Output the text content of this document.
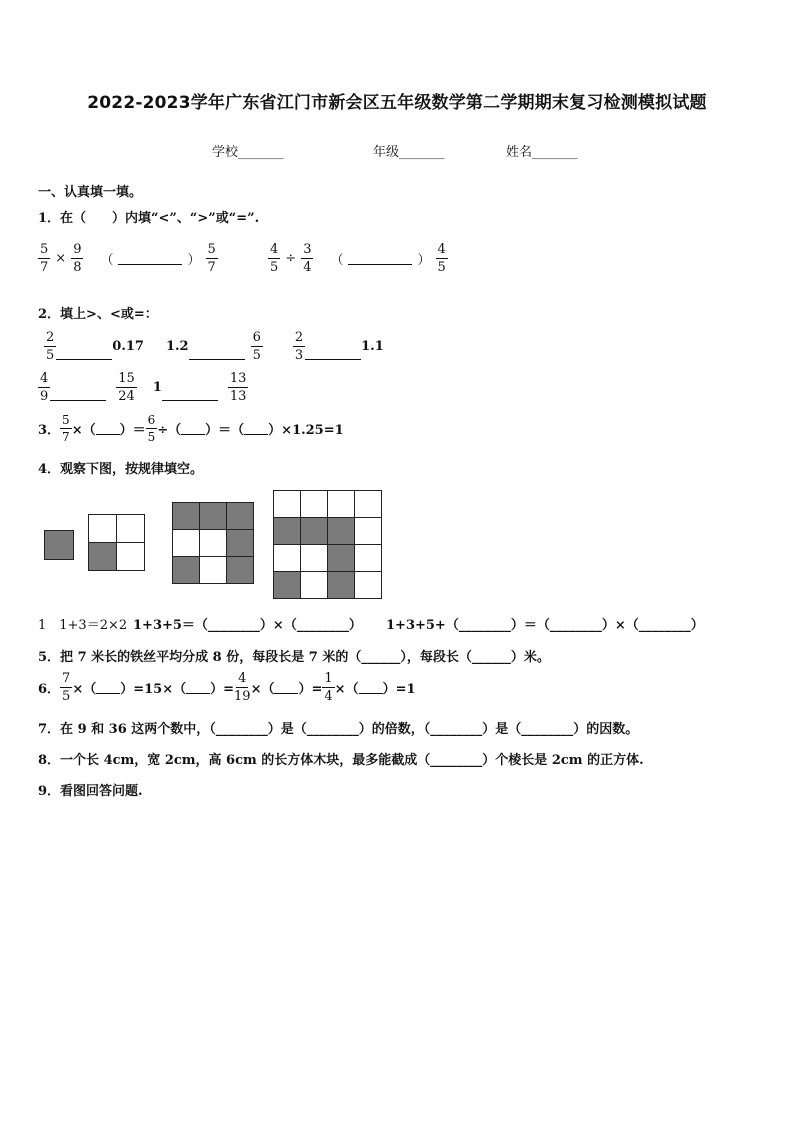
2022-2023学年广东省江门市新会区五年级数学第二学期期末复习检测模拟试题
学校_______	年级_______	姓名_______
一、认真填一填。
1．在（　　）内填“<”、“>”或“=”.
$\frac{5}{7} \times \frac{9}{8}$ （	） $\frac{5}{7}$	$\frac{4}{5} \div \frac{3}{4}$ （	） $\frac{4}{5}$
2．填上>、<或=：
$\frac{2}{5}$	0.17 1.2	$\frac{6}{5} \frac{2}{3}$	1.1
$\frac{4}{9}$	$\frac{15}{24} 1$	$\frac{13}{13}$
3． $\frac{5}{7}$ ×（ ）＝ $\frac{6}{5}$ ÷（ ）＝（ ）×1.25=1
4．观察下图，按规律填空。
1　1+3＝2×2 1+3+5＝（________）×（________） 1+3+5+（________）＝（________）×（________）
5．把 7 米长的铁丝平均分成 8 份，每段长是 7 米的（______），每段长（______）米。
6． $\frac{7}{5}$ ×（ ）=15×（ ）= $\frac{4}{19}$ ×（ ）= $\frac{1}{4}$ ×（ ）=1
7．在 9 和 36 这两个数中，（________）是（________）的倍数，（________）是（________）的因数。
8．一个长 4cm，宽 2cm，高 6cm 的长方体木块，最多能截成（________）个棱长是 2cm 的正方体.
9．看图回答问题.
